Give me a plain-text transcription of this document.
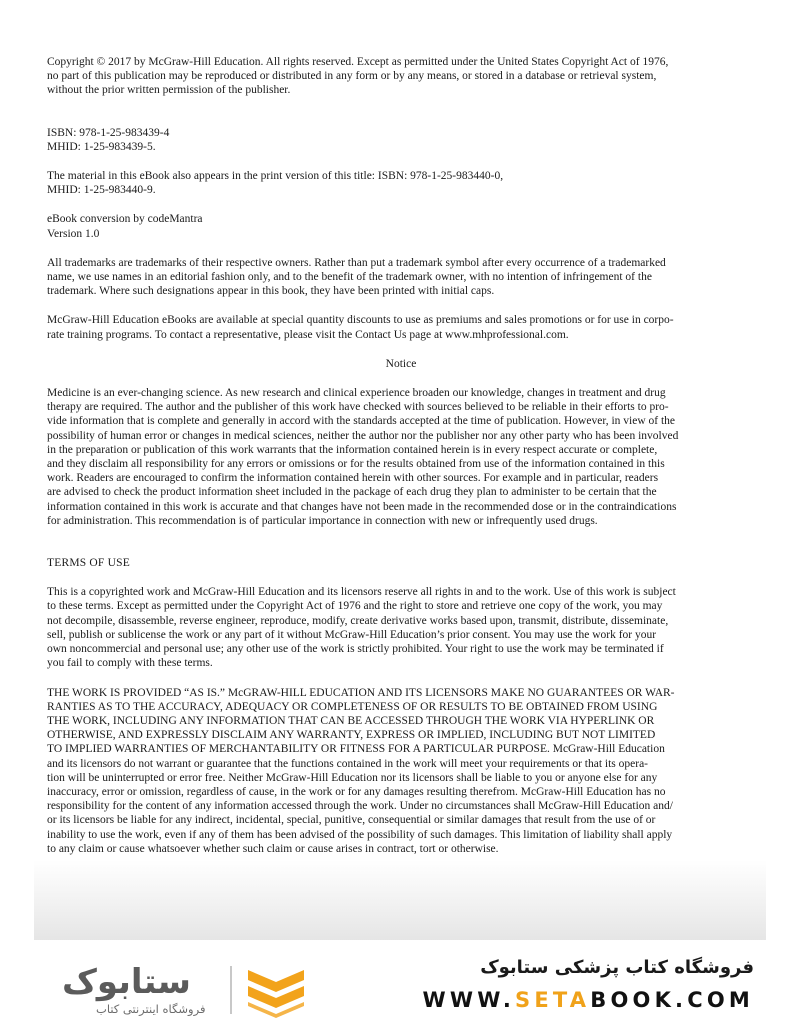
Copyright © 2017 by McGraw-Hill Education. All rights reserved. Except as permitted under the United States Copyright Act of 1976,
no part of this publication may be reproduced or distributed in any form or by any means, or stored in a database or retrieval system,
without the prior written permission of the publisher.

ISBN: 978-1-25-983439-4
MHID: 1-25-983439-5.

The material in this eBook also appears in the print version of this title: ISBN: 978-1-25-983440-0,
MHID: 1-25-983440-9.

eBook conversion by codeMantra
Version 1.0

All trademarks are trademarks of their respective owners. Rather than put a trademark symbol after every occurrence of a trademarked
name, we use names in an editorial fashion only, and to the benefit of the trademark owner, with no intention of infringement of the
trademark. Where such designations appear in this book, they have been printed with initial caps.

McGraw-Hill Education eBooks are available at special quantity discounts to use as premiums and sales promotions or for use in corpo-
rate training programs. To contact a representative, please visit the Contact Us page at www.mhprofessional.com.

Notice

Medicine is an ever-changing science. As new research and clinical experience broaden our knowledge, changes in treatment and drug
therapy are required. The author and the publisher of this work have checked with sources believed to be reliable in their efforts to pro-
vide information that is complete and generally in accord with the standards accepted at the time of publication. However, in view of the
possibility of human error or changes in medical sciences, neither the author nor the publisher nor any other party who has been involved
in the preparation or publication of this work warrants that the information contained herein is in every respect accurate or complete,
and they disclaim all responsibility for any errors or omissions or for the results obtained from use of the information contained in this
work. Readers are encouraged to confirm the information contained herein with other sources. For example and in particular, readers
are advised to check the product information sheet included in the package of each drug they plan to administer to be certain that the
information contained in this work is accurate and that changes have not been made in the recommended dose or in the contraindications
for administration. This recommendation is of particular importance in connection with new or infrequently used drugs.

TERMS OF USE

This is a copyrighted work and McGraw-Hill Education and its licensors reserve all rights in and to the work. Use of this work is subject
to these terms. Except as permitted under the Copyright Act of 1976 and the right to store and retrieve one copy of the work, you may
not decompile, disassemble, reverse engineer, reproduce, modify, create derivative works based upon, transmit, distribute, disseminate,
sell, publish or sublicense the work or any part of it without McGraw-Hill Education’s prior consent. You may use the work for your
own noncommercial and personal use; any other use of the work is strictly prohibited. Your right to use the work may be terminated if
you fail to comply with these terms.

THE WORK IS PROVIDED “AS IS.” McGRAW-HILL EDUCATION AND ITS LICENSORS MAKE NO GUARANTEES OR WAR-
RANTIES AS TO THE ACCURACY, ADEQUACY OR COMPLETENESS OF OR RESULTS TO BE OBTAINED FROM USING
THE WORK, INCLUDING ANY INFORMATION THAT CAN BE ACCESSED THROUGH THE WORK VIA HYPERLINK OR
OTHERWISE, AND EXPRESSLY DISCLAIM ANY WARRANTY, EXPRESS OR IMPLIED, INCLUDING BUT NOT LIMITED
TO IMPLIED WARRANTIES OF MERCHANTABILITY OR FITNESS FOR A PARTICULAR PURPOSE. McGraw-Hill Education
and its licensors do not warrant or guarantee that the functions contained in the work will meet your requirements or that its opera-
tion will be uninterrupted or error free. Neither McGraw-Hill Education nor its licensors shall be liable to you or anyone else for any
inaccuracy, error or omission, regardless of cause, in the work or for any damages resulting therefrom. McGraw-Hill Education has no
responsibility for the content of any information accessed through the work. Under no circumstances shall McGraw-Hill Education and/
or its licensors be liable for any indirect, incidental, special, punitive, consequential or similar damages that result from the use of or
inability to use the work, even if any of them has been advised of the possibility of such damages. This limitation of liability shall apply
to any claim or cause whatsoever whether such claim or cause arises in contract, tort or otherwise.

ستابوک
فروشگاه اینترنتی کتاب
فروشگاه کتاب پزشکی ستابوک
WWW.SETABOOK.COM
